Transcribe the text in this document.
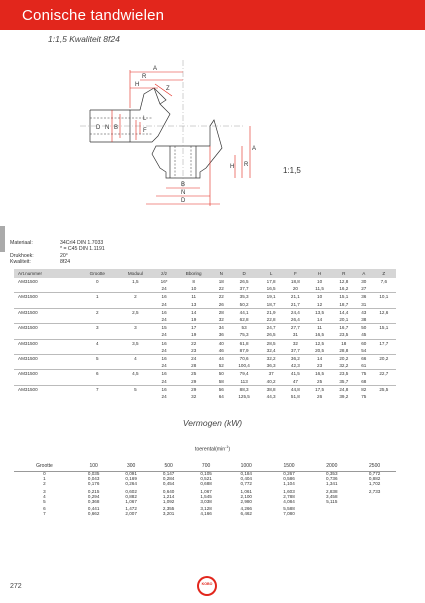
Conische tandwielen
1:1,5 Kwaliteit 8f24
A
R
H
Z
D N B
L
F
A
R
H
B
N
D
1:1,5
Materiaal:	34CrI4 DIN 1.7033
* = C45 DIN 1.1191
Drukhoek:	20°
Kwaliteit:	8f24
Art.nummer	Grootte	Moduul	z/z	Bboring	N	D	L	F	H	R	A	Z
AM31500	0	1,5	16*	8	18	26,5	17,8	18,8	10	12,8	30	7,6
			24	10	22	37,7	16,5	20	11,5	16,2	27	
AM31500	1	2	16	11	22	35,3	19,1	21,1	10	15,1	36	10,1
			24	13	26	50,2	18,7	21,7	12	18,7	31	
AM31500	2	2,5	16	14	28	44,1	21,9	24,4	13,5	14,4	43	12,6
			24	19	32	62,8	22,8	26,4	14	20,1	38	
AM31500	3	3	15	17	34	53	24,7	27,7	11	16,7	50	15,1
			24	19	36	75,3	26,5	31	16,5	23,5	45	
AM31500	4	3,5	16	22	40	61,8	28,5	32	12,5	18	60	17,7
			24	23	46	87,9	32,4	37,7	20,5	28,8	54	
AM31500	5	4	16	24	44	70,6	32,2	36,2	14	20,2	66	20,2
			24	28	52	100,4	36,3	42,3	23	32,2	61	
AM31500	6	4,5	16	25	50	79,4	37	41,5	16,5	23,5	75	22,7
			24	29	58	113	40,2	47	25	35,7	68	
AM31500	7	5	16	29	56	88,3	38,8	44,8	17,5	24,8	82	25,5
			24	32	64	125,5	44,3	51,8	26	39,2	75	
Vermogen (kW)
$toerental(\min^{-1})$
Grootte	100	300	500	700	1000	1500	2000	2500
0	0,035	0,091	0,147	0,105	0,184	0,267	0,353	0,772
1	0,043	0,169	0,284	0,521	0,404	0,586	0,736	0,882
2	0,176	0,264	0,454	0,688	0,772	1,104	1,341	1,702

3	0,215	0,602	0,640	1,067	1,061	1,603	2,838	2,733
4	0,294	0,882	1,214	1,545	2,100	2,788	3,458	
5	0,368	1,067	1,092	3,038	2,980	4,084	5,115	

6	0,441	1,472	2,355	3,128	4,266	5,588		
7	0,662	2,007	3,201	4,166	6,462	7,080		
272	KOBO
